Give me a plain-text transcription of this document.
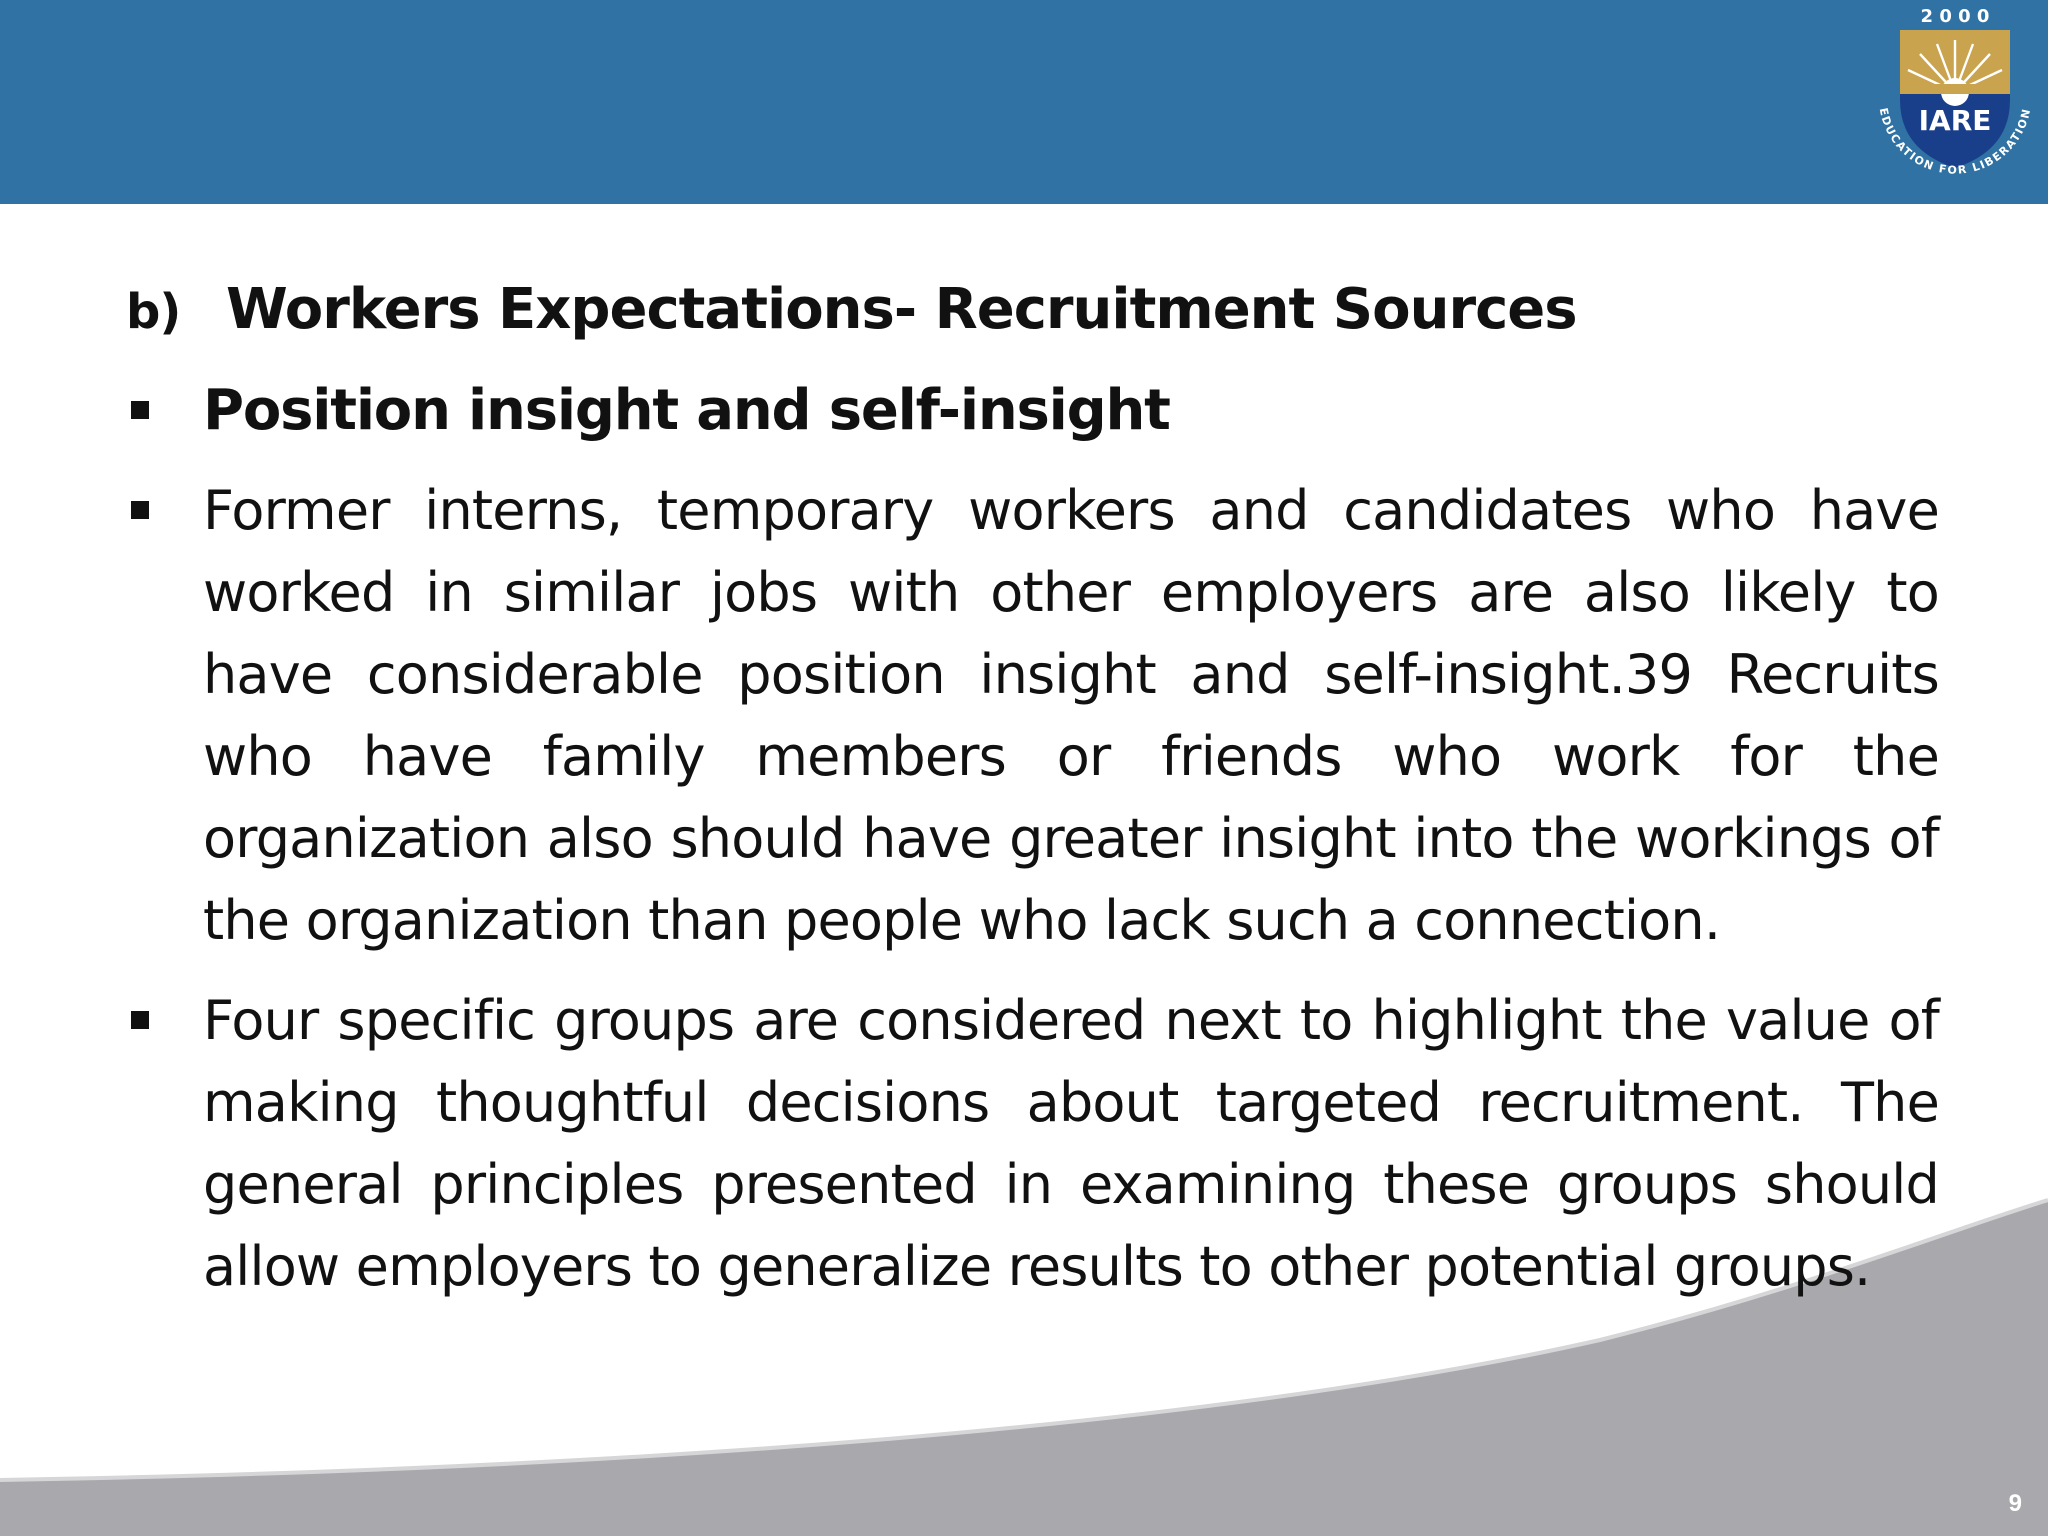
2 0 0 0
IARE
EDUCATION FOR LIBERATION
b) Workers Expectations- Recruitment Sources
Position insight and self-insight
Former interns, temporary workers and candidates who have worked in similar jobs with other employers are also likely to have considerable position insight and self-insight.39 Recruits who have family members or friends who work for the organization also should have greater insight into the workings of the organization than people who lack such a connection.
Four specific groups are considered next to highlight the value of making thoughtful decisions about targeted recruitment. The general principles presented in examining these groups should allow employers to generalize results to other potential groups.
9
